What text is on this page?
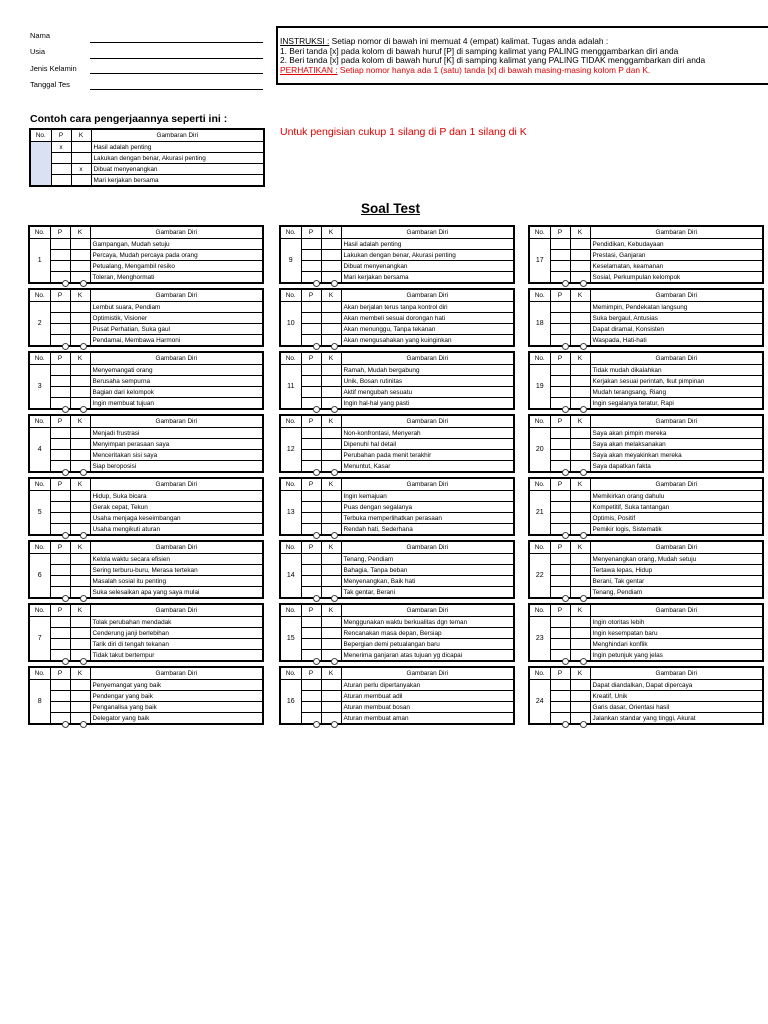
Nama
Usia
Jenis Kelamin
Tanggal Tes
INSTRUKSI : Setiap nomor di bawah ini memuat 4 (empat) kalimat. Tugas anda adalah :
1. Beri tanda [x] pada kolom di bawah huruf [P] di samping kalimat yang PALING menggambarkan diri anda
2. Beri tanda [x] pada kolom di bawah huruf [K] di samping kalimat yang PALING TIDAK menggambarkan diri anda
PERHATIKAN : Setiap nomor hanya ada 1 (satu) tanda [x] di bawah masing-masing kolom P dan K.
Contoh cara pengerjaannya seperti ini :
Untuk pengisian cukup 1 silang di P dan 1 silang di K
No.	P	K	Gambaran Diri
	x		Hasil adalah penting
			Lakukan dengan benar, Akurasi penting
		x	Dibuat menyenangkan
			Mari kerjakan bersama
Soal Test
No.	P	K	Gambaran Diri
1			Gampangan, Mudah setuju
			Percaya, Mudah percaya pada orang
			Petualang, Mengambil resiko
			Toleran, Menghormati
No.	P	K	Gambaran Diri
2			Lembut suara, Pendiam
			Optimistik, Visioner
			Pusat Perhatian, Suka gaul
			Pendamai, Membawa Harmoni
No.	P	K	Gambaran Diri
3			Menyemangati orang
			Berusaha sempurna
			Bagian dari kelompok
			Ingin membuat tujuan
No.	P	K	Gambaran Diri
4			Menjadi frustrasi
			Menyimpan perasaan saya
			Menceritakan sisi saya
			Siap beroposisi
No.	P	K	Gambaran Diri
5			Hidup, Suka bicara
			Gerak cepat, Tekun
			Usaha menjaga keseimbangan
			Usaha mengikuti aturan
No.	P	K	Gambaran Diri
6			Kelola waktu secara efisien
			Sering terburu-buru, Merasa tertekan
			Masalah sosial itu penting
			Suka selesaikan apa yang saya mulai
No.	P	K	Gambaran Diri
7			Tolak perubahan mendadak
			Cenderung janji berlebihan
			Tarik diri di tengah tekanan
			Tidak takut bertempur
No.	P	K	Gambaran Diri
8			Penyemangat yang baik
			Pendengar yang baik
			Penganalisa yang baik
			Delegator yang baik
No.	P	K	Gambaran Diri
9			Hasil adalah penting
			Lakukan dengan benar, Akurasi penting
			Dibuat menyenangkan
			Mari kerjakan bersama
No.	P	K	Gambaran Diri
10			Akan berjalan terus tanpa kontrol diri
			Akan membeli sesuai dorongan hati
			Akan menunggu, Tanpa tekanan
			Akan mengusahakan yang kuinginkan
No.	P	K	Gambaran Diri
11			Ramah, Mudah bergabung
			Unik, Bosan rutinitas
			Aktif mengubah sesuatu
			Ingin hal-hal yang pasti
No.	P	K	Gambaran Diri
12			Non-konfrontasi, Menyerah
			Dipenuhi hal detail
			Perubahan pada menit terakhir
			Menuntut, Kasar
No.	P	K	Gambaran Diri
13			Ingin kemajuan
			Puas dengan segalanya
			Terbuka memperlihatkan perasaan
			Rendah hati, Sederhana
No.	P	K	Gambaran Diri
14			Tenang, Pendiam
			Bahagia, Tanpa beban
			Menyenangkan, Baik hati
			Tak gentar, Berani
No.	P	K	Gambaran Diri
15			Menggunakan waktu berkualitas dgn teman
			Rencanakan masa depan, Bersiap
			Bepergian demi petualangan baru
			Menerima ganjaran atas tujuan yg dicapai
No.	P	K	Gambaran Diri
16			Aturan perlu dipertanyakan
			Aturan membuat adil
			Aturan membuat bosan
			Aturan membuat aman
No.	P	K	Gambaran Diri
17			Pendidikan, Kebudayaan
			Prestasi, Ganjaran
			Keselamatan, keamanan
			Sosial, Perkumpulan kelompok
No.	P	K	Gambaran Diri
18			Memimpin, Pendekatan langsung
			Suka bergaul, Antusias
			Dapat diramal, Konsisten
			Waspada, Hati-hati
No.	P	K	Gambaran Diri
19			Tidak mudah dikalahkan
			Kerjakan sesuai perintah, Ikut pimpinan
			Mudah terangsang, Riang
			Ingin segalanya teratur, Rapi
No.	P	K	Gambaran Diri
20			Saya akan pimpin mereka
			Saya akan melaksanakan
			Saya akan meyakinkan mereka
			Saya dapatkan fakta
No.	P	K	Gambaran Diri
21			Memikirkan orang dahulu
			Kompetitif, Suka tantangan
			Optimis, Positif
			Pemikir logis, Sistematik
No.	P	K	Gambaran Diri
22			Menyenangkan orang, Mudah setuju
			Tertawa lepas, Hidup
			Berani, Tak gentar
			Tenang, Pendiam
No.	P	K	Gambaran Diri
23			Ingin otoritas lebih
			Ingin kesempatan baru
			Menghindari konflik
			Ingin petunjuk yang jelas
No.	P	K	Gambaran Diri
24			Dapat diandalkan, Dapat dipercaya
			Kreatif, Unik
			Garis dasar, Orientasi hasil
			Jalankan standar yang tinggi, Akurat
